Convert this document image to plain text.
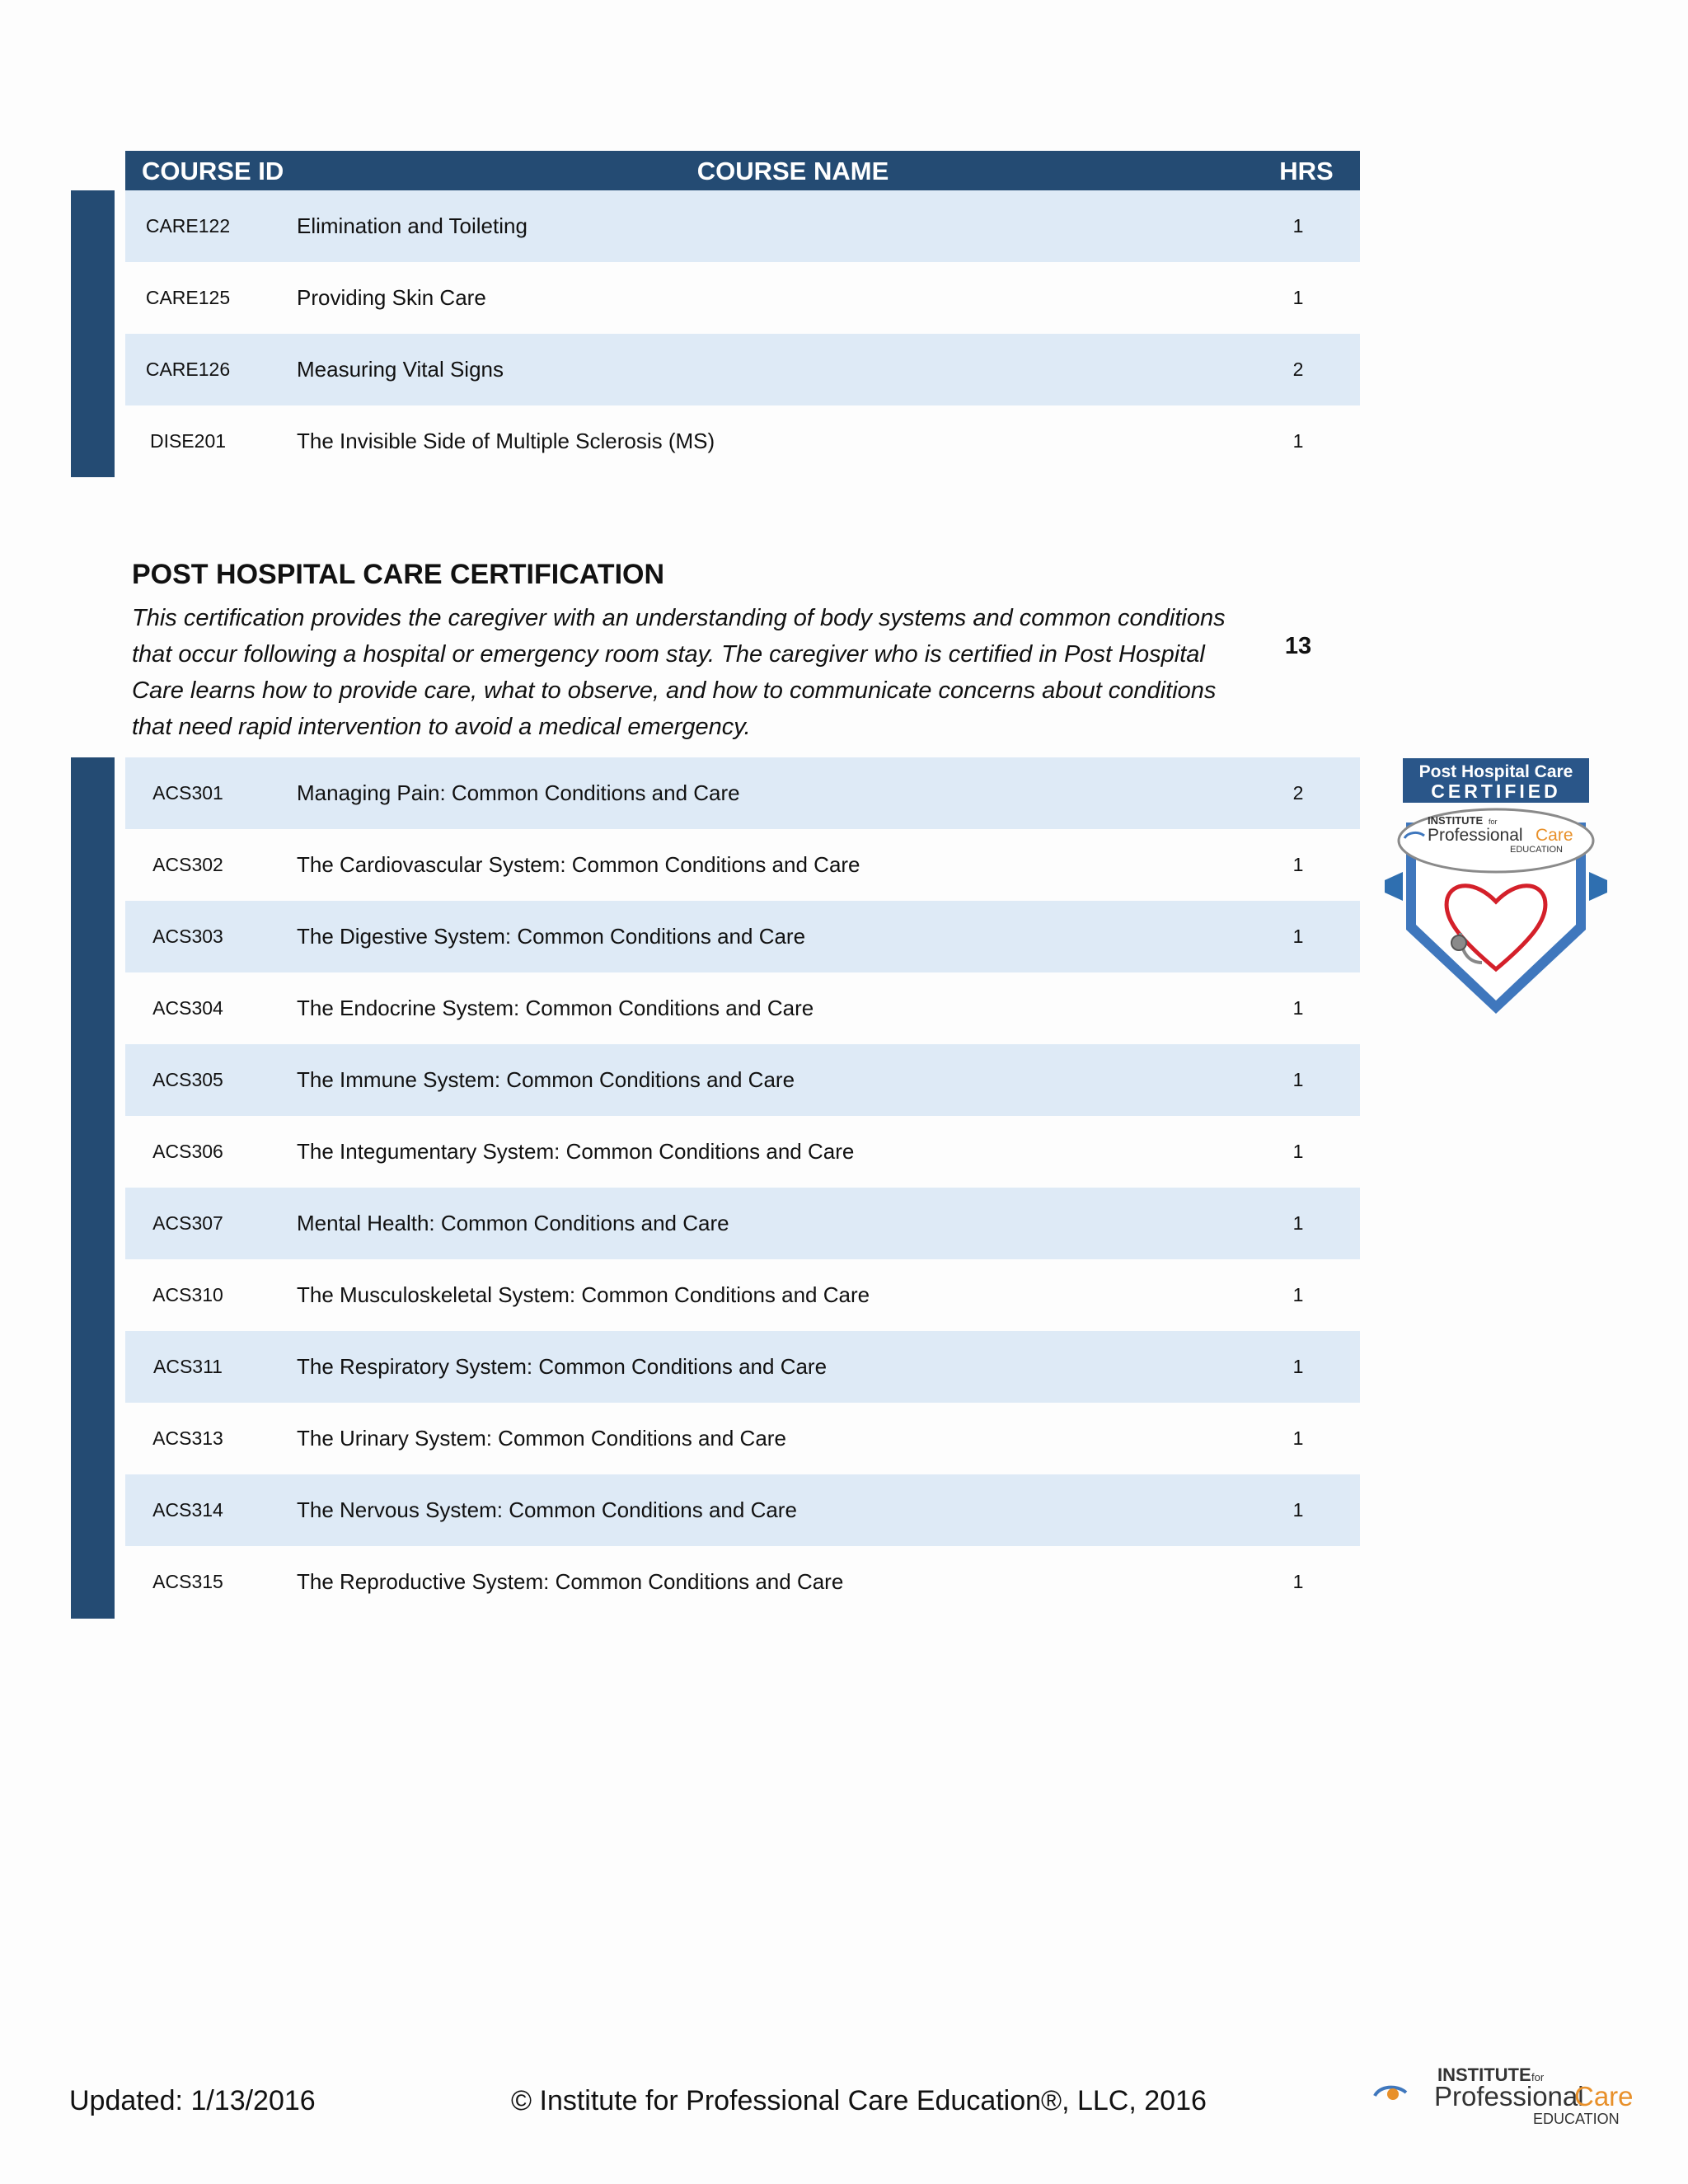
COURSE ID	COURSE NAME	HRS
CARE122	Elimination and Toileting	1
CARE125	Providing Skin Care	1
CARE126	Measuring Vital Signs	2
DISE201	The Invisible Side of Multiple Sclerosis (MS)	1
POST HOSPITAL CARE CERTIFICATION
This certification provides the caregiver with an understanding of body systems and common conditions that occur following a hospital or emergency room stay. The caregiver who is certified in Post Hospital Care learns how to provide care, what to observe, and how to communicate concerns about conditions that need rapid intervention to avoid a medical emergency.
13
ACS301	Managing Pain: Common Conditions and Care	2
ACS302	The Cardiovascular System: Common Conditions and Care	1
ACS303	The Digestive System: Common Conditions and Care	1
ACS304	The Endocrine System: Common Conditions and Care	1
ACS305	The Immune System: Common Conditions and Care	1
ACS306	The Integumentary System: Common Conditions and Care	1
ACS307	Mental Health: Common Conditions and Care	1
ACS310	The Musculoskeletal System: Common Conditions and Care	1
ACS311	The Respiratory System: Common Conditions and Care	1
ACS313	The Urinary System: Common Conditions and Care	1
ACS314	The Nervous System: Common Conditions and Care	1
ACS315	The Reproductive System: Common Conditions and Care	1
Post Hospital Care
CERTIFIED
INSTITUTE for
Professional Care
EDUCATION
Updated: 1/13/2016	© Institute for Professional Care Education®, LLC, 2016
INSTITUTE for
Professional
Care
EDUCATION
